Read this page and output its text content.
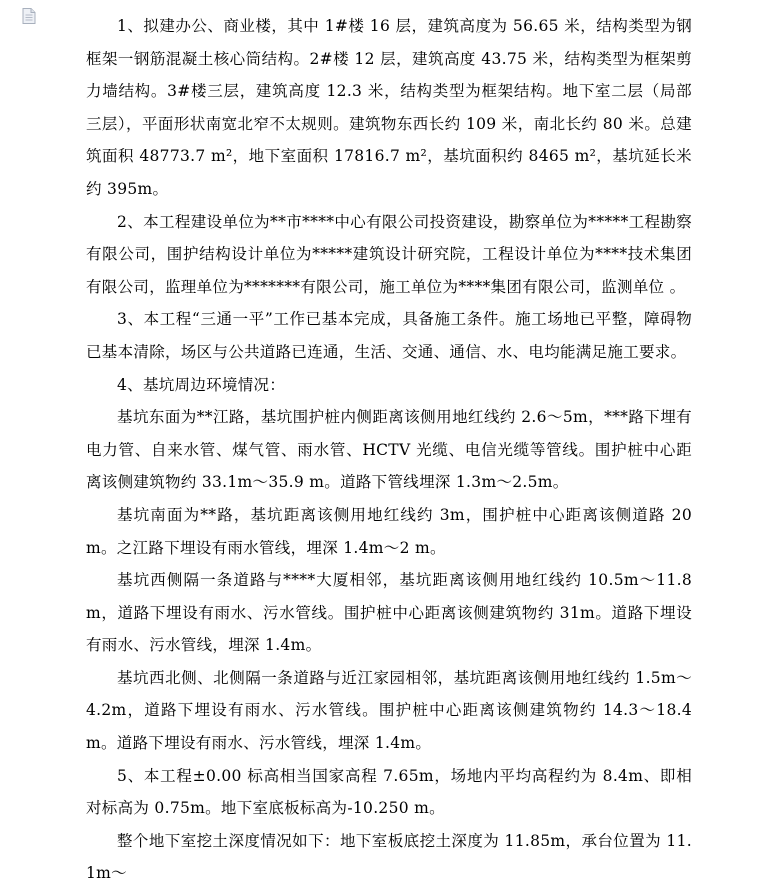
1、拟建办公、商业楼，其中 1#楼 16 层，建筑高度为 56.65 米，结构类型为钢框架一钢筋混凝土核心筒结构。2#楼 12 层，建筑高度 43.75 米，结构类型为框架剪力墙结构。3#楼三层，建筑高度 12.3 米，结构类型为框架结构。地下室二层（局部三层），平面形状南宽北窄不太规则。建筑物东西长约 109 米，南北长约 80 米。总建筑面积 48773.7 m²，地下室面积 17816.7 m²，基坑面积约 8465 m²，基坑延长米约 395m。

2、本工程建设单位为**市****中心有限公司投资建设，勘察单位为*****工程勘察有限公司，围护结构设计单位为*****建筑设计研究院，工程设计单位为****技术集团有限公司，监理单位为*******有限公司，施工单位为****集团有限公司，监测单位 。

3、本工程“三通一平”工作已基本完成，具备施工条件。施工场地已平整，障碍物已基本清除，场区与公共道路已连通，生活、交通、通信、水、电均能满足施工要求。

4、基坑周边环境情况：

基坑东面为**江路，基坑围护桩内侧距离该侧用地红线约 2.6～5m，***路下埋有电力管、自来水管、煤气管、雨水管、HCTV 光缆、电信光缆等管线。围护桩中心距离该侧建筑物约 33.1m～35.9 m。道路下管线埋深 1.3m～2.5m。

基坑南面为**路，基坑距离该侧用地红线约 3m，围护桩中心距离该侧道路 20m。之江路下埋设有雨水管线，埋深 1.4m～2 m。

基坑西侧隔一条道路与****大厦相邻，基坑距离该侧用地红线约 10.5m～11.8m，道路下埋设有雨水、污水管线。围护桩中心距离该侧建筑物约 31m。道路下埋设有雨水、污水管线，埋深 1.4m。

基坑西北侧、北侧隔一条道路与近江家园相邻，基坑距离该侧用地红线约 1.5m～4.2m，道路下埋设有雨水、污水管线。围护桩中心距离该侧建筑物约 14.3～18.4m。道路下埋设有雨水、污水管线，埋深 1.4m。

5、本工程±0.00 标高相当国家高程 7.65m，场地内平均高程约为 8.4m、即相对标高为 0.75m。地下室底板标高为-10.250 m。

整个地下室挖土深度情况如下：地下室板底挖土深度为 11.85m，承台位置为 11.1m～
